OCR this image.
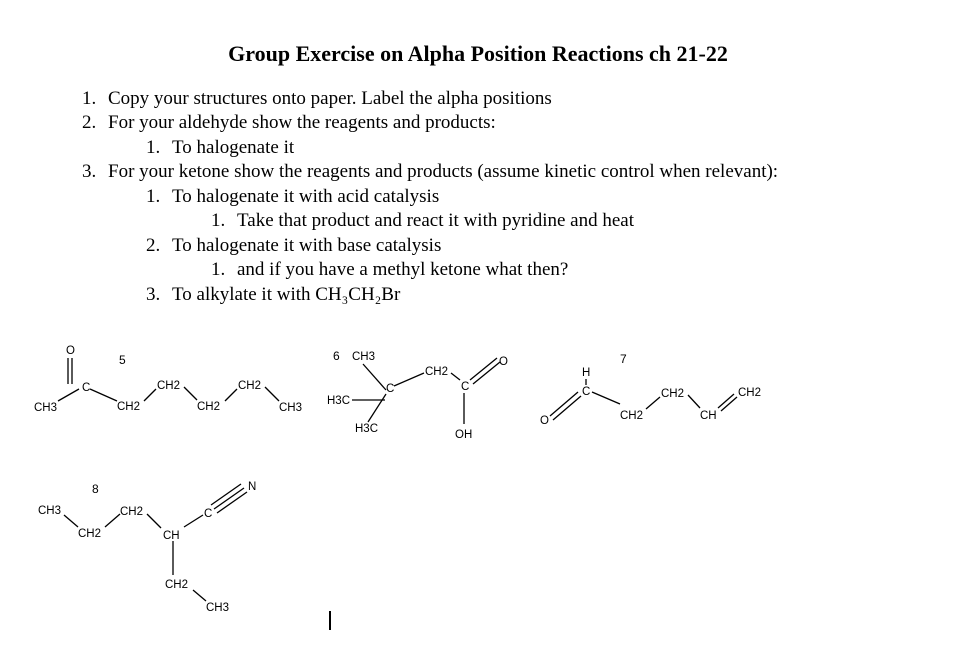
Group Exercise on Alpha Position Reactions ch 21-22
1. Copy your structures onto paper. Label the alpha positions
2. For your aldehyde show the reagents and products:
1. To halogenate it
3. For your ketone show the reagents and products (assume kinetic control when relevant):
1. To halogenate it with acid catalysis
1. Take that product and react it with pyridine and heat
2. To halogenate it with base catalysis
1. and if you have a methyl ketone what then?
3. To alkylate it with CH₃CH₂Br
5
O
C
CH3	CH2
CH2
CH2
CH2
CH3
6 CH3
CH2
C	C
O
OH
H3C
H3C
7
H
C
O	CH2
CH2
CH
CH2
8
CH3
CH2
CH2
CH
C
N
CH2
CH3
